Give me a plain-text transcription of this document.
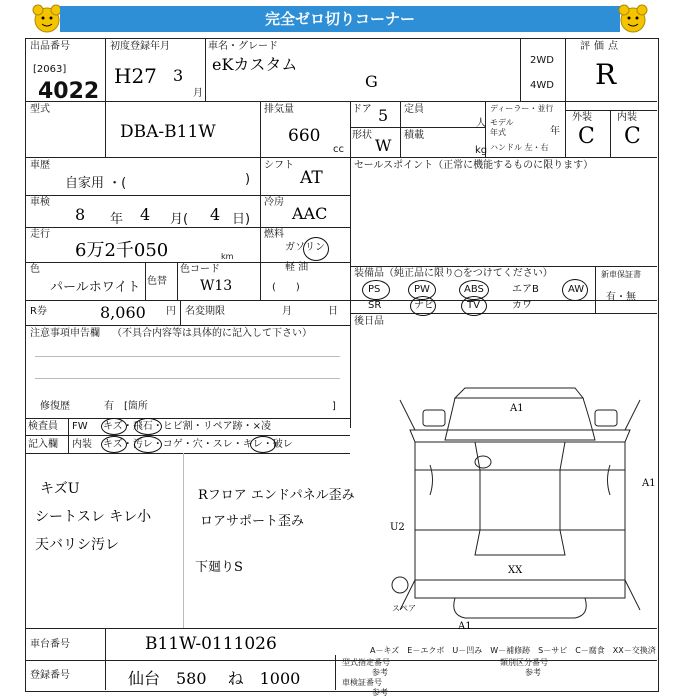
完全ゼロ切りコーナー
出品番号
[2063]
4022
初度登録年月
H27 3
月
車名・グレード
eKカスタム
G
2WD
4WD
評価点
R
外装	内装
C C
型式
DBA-B11W
排気量
660
cc
ドア 5
形状
W
定員
人
積載
kg
ディーラー・並行
モデル年式	年
ハンドル 左・右
車歴
自家用 ・(	)
シフト
AT
セールスポイント（正常に機能するものに限ります）
車検
8 年 4 月( 4 日)
冷房
AAC
走行
6万2千050	km
燃料
ガソリン
軽 油
(　　)
色
パールホワイト 色替
色コード
W13
装備品（純正品に限り○をつけてください）
PS	PW	ABS	エアB	AW
SR	ナビ	TV	カワ
新車保証書
有・無
R券	8,060 円 名変期限	月	日
後日品
注意事項申告欄 （不具合内容等は具体的に記入して下さい）
修復歴	有 [箇所	]
検査員
記入欄
FW キズ・飛石・ヒビ割・リペア跡・×凌
内装 キズ・汚レ・コゲ・穴・スレ・キレ・破レ
キズU
シートスレ キレ小
天バリシ汚レ
Rフロア エンドパネル歪み
ロアサポート歪み
下廻りS
A1
A1
U2
XX
A1
スペア
A－キズ　E－エクボ　U－凹み　W－補修跡　S－サビ　C－腐食　XX－交換済
車台番号	B11W-0111026
登録番号	仙台　580　 ね　1000
型式指定番号
参考
類別区分番号
参考
車検証番号
参考
